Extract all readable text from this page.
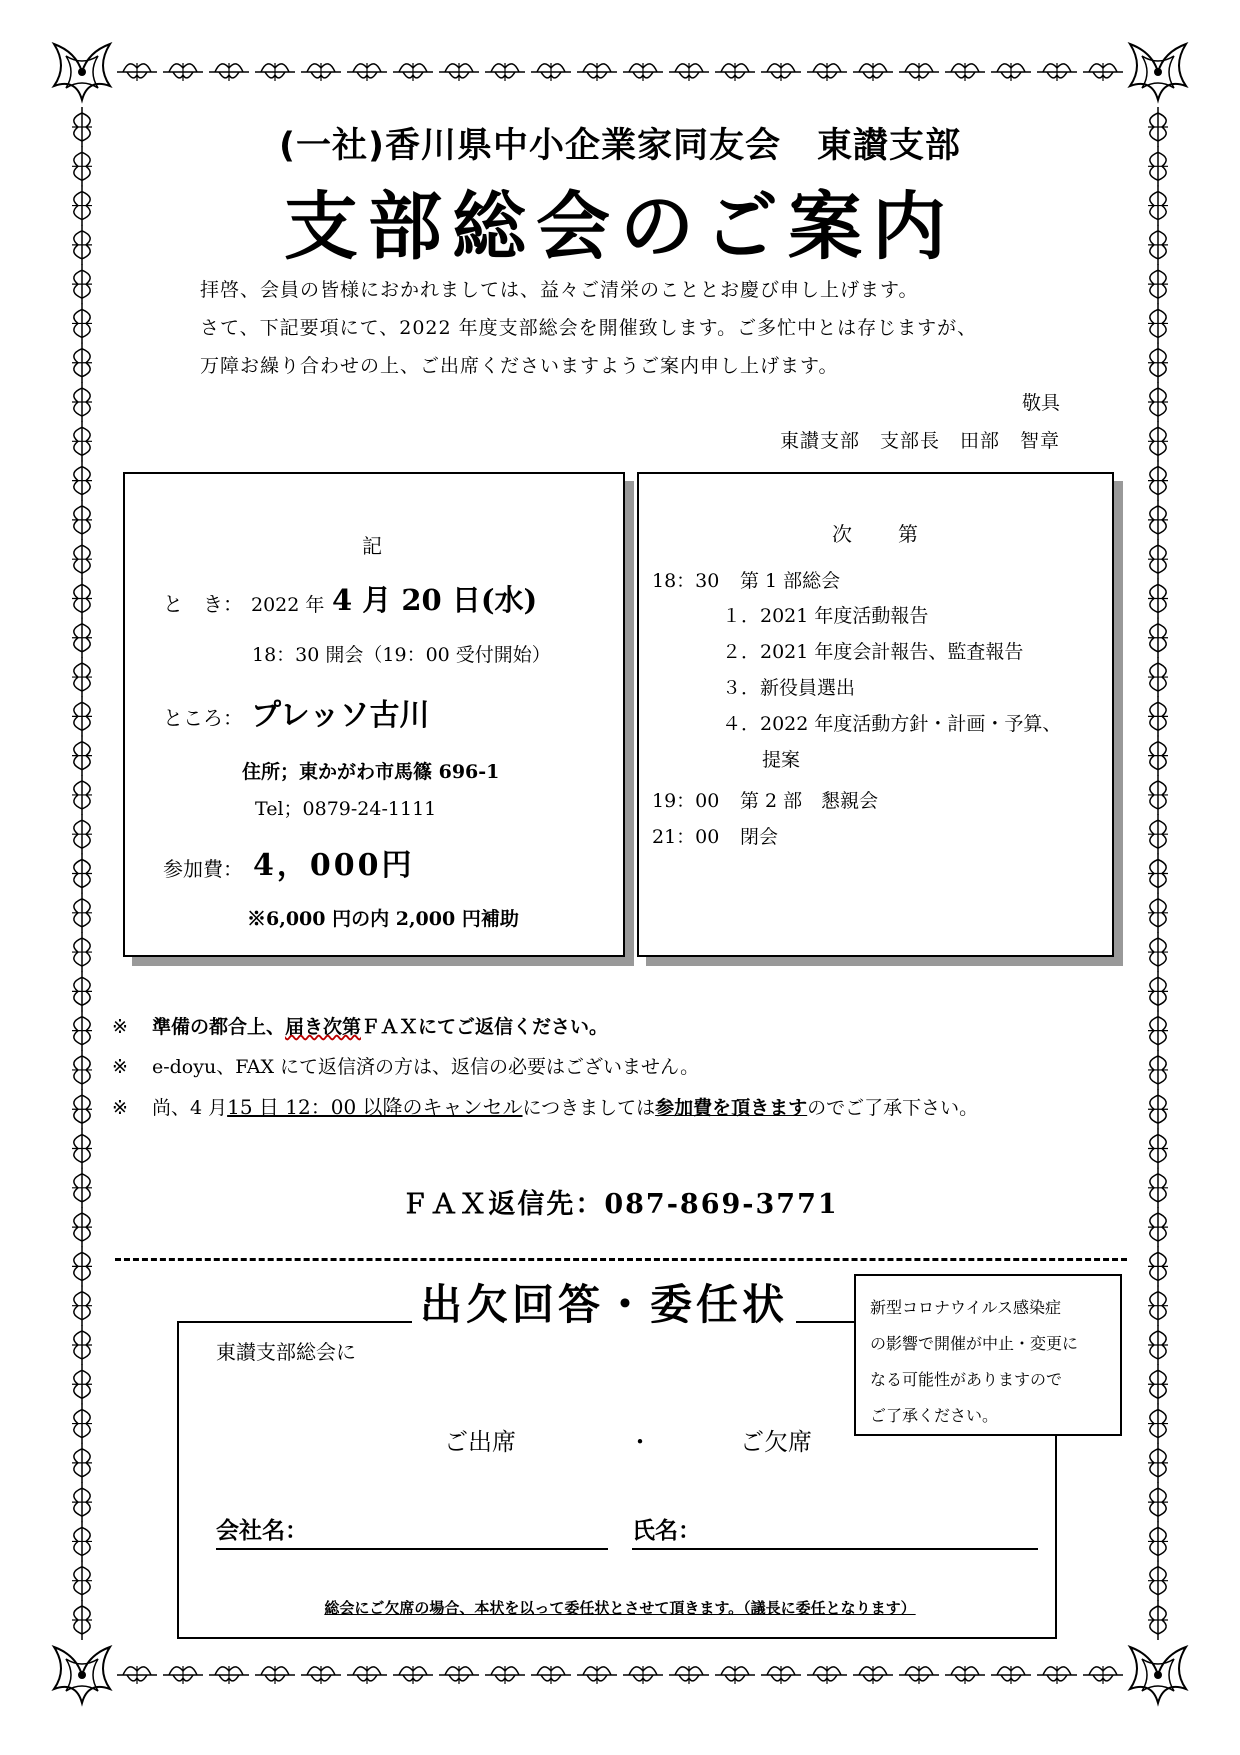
(一社)香川県中小企業家同友会　東讃支部
支部総会のご案内
拝啓、会員の皆様におかれましては、益々ご清栄のこととお慶び申し上げます。
さて、下記要項にて、2022 年度支部総会を開催致します。ご多忙中とは存じますが、
万障お繰り合わせの上、ご出席くださいますようご案内申し上げます。
敬具
東讃支部　支部長　田部　智章
記
と　き： 2022 年 4 月 20 日(水)
18：30 開会（19：00 受付開始）
ところ： プレッソ古川
住所；東かがわ市馬篠 696-1
Tel；0879-24-1111
参加費： 4，000円
※6,000 円の内 2,000 円補助
次　　第
18：30 第 1 部総会
１．2021 年度活動報告
２．2021 年度会計報告、監査報告
３．新役員選出
４．2022 年度活動方針・計画・予算、
提案
19：00 第 2 部　懇親会
21：00 閉会
※ 準備の都合上、届き次第ＦＡＸにてご返信ください。
※ e-doyu、FAX にて返信済の方は、返信の必要はございません。
※ 尚、4 月15 日 12：00 以降のキャンセルにつきましては参加費を頂きますのでご了承下さい。
ＦＡＸ返信先：087-869-3771
出欠回答・委任状
東讃支部総会に
ご出席	・	ご欠席
会社名：	氏名：
総会にご欠席の場合、本状を以って委任状とさせて頂きます。（議長に委任となります）
新型コロナウイルス感染症
の影響で開催が中止・変更に
なる可能性がありますので
ご了承ください。
